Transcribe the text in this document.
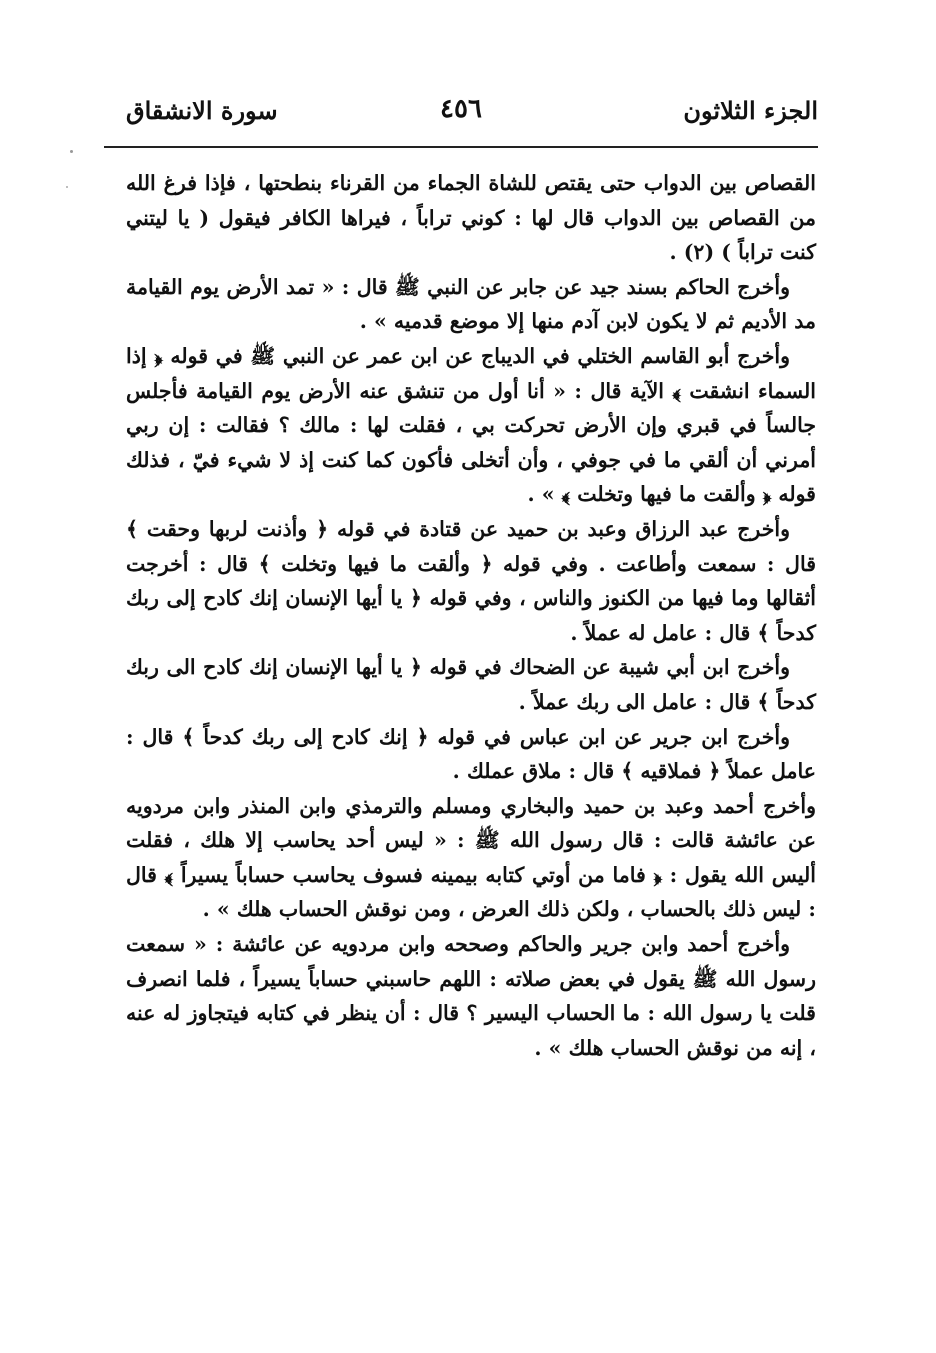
الجزء الثلاثون
٤٥٦
سورة الانشقاق

القصاص بين الدواب حتى يقتص للشاة الجماء من القرناء بنطحتها ، فإذا فرغ الله من القصاص بين الدواب قال لها : كوني تراباً ، فيراها الكافر فيقول ( يا ليتني كنت تراباً ) (٢) .

وأخرج الحاكم بسند جيد عن جابر عن النبي ﷺ قال : « تمد الأرض يوم القيامة مد الأديم ثم لا يكون لابن آدم منها إلا موضع قدميه » .

وأخرج أبو القاسم الختلي في الديباج عن ابن عمر عن النبي ﷺ في قوله ﴿ إذا السماء انشقت ﴾ الآية قال : « أنا أول من تنشق عنه الأرض يوم القيامة فأجلس جالساً في قبري وإن الأرض تحركت بي ، فقلت لها : مالك ؟ فقالت : إن ربي أمرني أن ألقي ما في جوفي ، وأن أتخلى فأكون كما كنت إذ لا شيء فيّ ، فذلك قوله ﴿ وألقت ما فيها وتخلت ﴾ » .

وأخرج عبد الرزاق وعبد بن حميد عن قتادة في قوله ﴿ وأذنت لربها وحقت ﴾ قال : سمعت وأطاعت . وفي قوله ﴿ وألقت ما فيها وتخلت ﴾ قال : أخرجت أثقالها وما فيها من الكنوز والناس ، وفي قوله ﴿ يا أيها الإنسان إنك كادح إلى ربك كدحاً ﴾ قال : عامل له عملاً .

وأخرج ابن أبي شيبة عن الضحاك في قوله ﴿ يا أيها الإنسان إنك كادح الى ربك كدحاً ﴾ قال : عامل الى ربك عملاً .

وأخرج ابن جرير عن ابن عباس في قوله ﴿ إنك كادح إلى ربك كدحاً ﴾ قال : عامل عملاً ﴿ فملاقيه ﴾ قال : ملاق عملك .

وأخرج أحمد وعبد بن حميد والبخاري ومسلم والترمذي وابن المنذر وابن مردويه عن عائشة قالت : قال رسول الله ﷺ : « ليس أحد يحاسب إلا هلك ، فقلت أليس الله يقول : ﴿ فاما من أوتي كتابه بيمينه فسوف يحاسب حساباً يسيراً ﴾ قال : ليس ذلك بالحساب ، ولكن ذلك العرض ، ومن نوقش الحساب هلك » .

وأخرج أحمد وابن جرير والحاكم وصححه وابن مردويه عن عائشة : « سمعت رسول الله ﷺ يقول في بعض صلاته : اللهم حاسبني حساباً يسيراً ، فلما انصرف قلت يا رسول الله : ما الحساب اليسير ؟ قال : أن ينظر في كتابه فيتجاوز له عنه ، إنه من نوقش الحساب هلك » .
